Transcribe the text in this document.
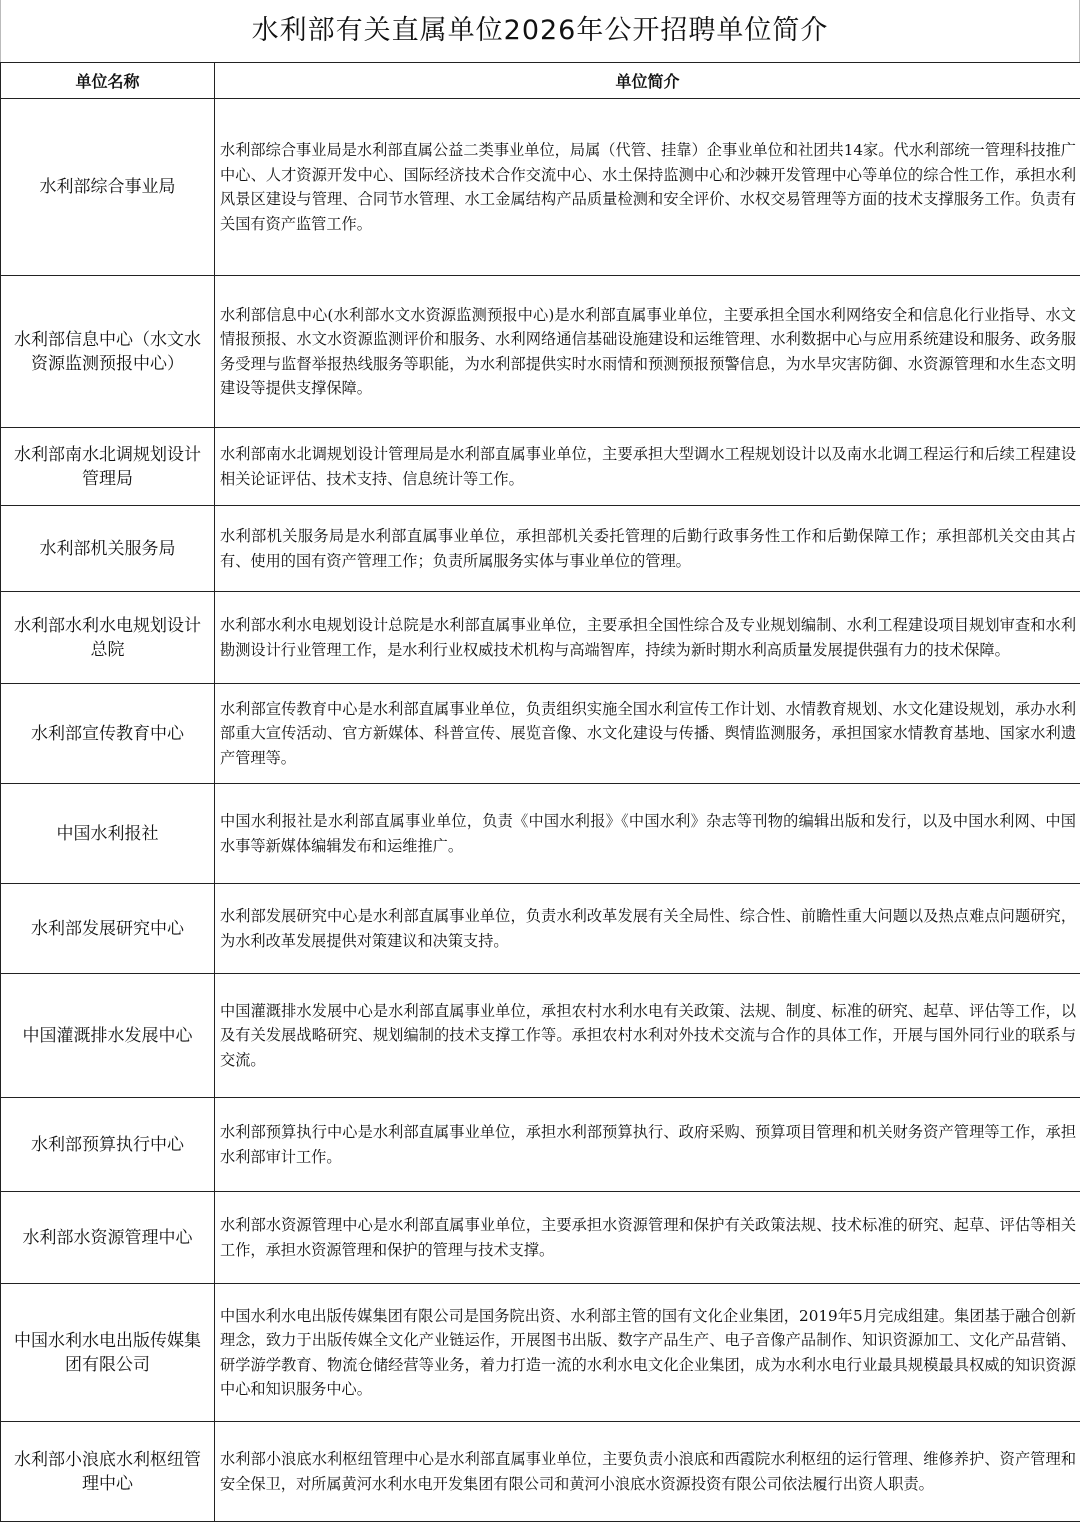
水利部有关直属单位2026年公开招聘单位简介
单位名称	单位简介
水利部综合事业局	水利部综合事业局是水利部直属公益二类事业单位，局属（代管、挂靠）企事业单位和社团共14家。代水利部统一管理科技推广中心、人才资源开发中心、国际经济技术合作交流中心、水土保持监测中心和沙棘开发管理中心等单位的综合性工作，承担水利风景区建设与管理、合同节水管理、水工金属结构产品质量检测和安全评价、水权交易管理等方面的技术支撑服务工作。负责有关国有资产监管工作。
水利部信息中心（水文水资源监测预报中心）	水利部信息中心(水利部水文水资源监测预报中心)是水利部直属事业单位，主要承担全国水利网络安全和信息化行业指导、水文情报预报、水文水资源监测评价和服务、水利网络通信基础设施建设和运维管理、水利数据中心与应用系统建设和服务、政务服务受理与监督举报热线服务等职能，为水利部提供实时水雨情和预测预报预警信息，为水旱灾害防御、水资源管理和水生态文明建设等提供支撑保障。
水利部南水北调规划设计管理局	水利部南水北调规划设计管理局是水利部直属事业单位，主要承担大型调水工程规划设计以及南水北调工程运行和后续工程建设相关论证评估、技术支持、信息统计等工作。
水利部机关服务局	水利部机关服务局是水利部直属事业单位，承担部机关委托管理的后勤行政事务性工作和后勤保障工作；承担部机关交由其占有、使用的国有资产管理工作；负责所属服务实体与事业单位的管理。
水利部水利水电规划设计总院	水利部水利水电规划设计总院是水利部直属事业单位，主要承担全国性综合及专业规划编制、水利工程建设项目规划审查和水利勘测设计行业管理工作，是水利行业权威技术机构与高端智库，持续为新时期水利高质量发展提供强有力的技术保障。
水利部宣传教育中心	水利部宣传教育中心是水利部直属事业单位，负责组织实施全国水利宣传工作计划、水情教育规划、水文化建设规划，承办水利部重大宣传活动、官方新媒体、科普宣传、展览音像、水文化建设与传播、舆情监测服务，承担国家水情教育基地、国家水利遗产管理等。
中国水利报社	中国水利报社是水利部直属事业单位，负责《中国水利报》《中国水利》杂志等刊物的编辑出版和发行，以及中国水利网、中国水事等新媒体编辑发布和运维推广。
水利部发展研究中心	水利部发展研究中心是水利部直属事业单位，负责水利改革发展有关全局性、综合性、前瞻性重大问题以及热点难点问题研究，为水利改革发展提供对策建议和决策支持。
中国灌溉排水发展中心	中国灌溉排水发展中心是水利部直属事业单位，承担农村水利水电有关政策、法规、制度、标准的研究、起草、评估等工作，以及有关发展战略研究、规划编制的技术支撑工作等。承担农村水利对外技术交流与合作的具体工作，开展与国外同行业的联系与交流。
水利部预算执行中心	水利部预算执行中心是水利部直属事业单位，承担水利部预算执行、政府采购、预算项目管理和机关财务资产管理等工作，承担水利部审计工作。
水利部水资源管理中心	水利部水资源管理中心是水利部直属事业单位，主要承担水资源管理和保护有关政策法规、技术标准的研究、起草、评估等相关工作，承担水资源管理和保护的管理与技术支撑。
中国水利水电出版传媒集团有限公司	中国水利水电出版传媒集团有限公司是国务院出资、水利部主管的国有文化企业集团，2019年5月完成组建。集团基于融合创新理念，致力于出版传媒全文化产业链运作，开展图书出版、数字产品生产、电子音像产品制作、知识资源加工、文化产品营销、研学游学教育、物流仓储经营等业务，着力打造一流的水利水电文化企业集团，成为水利水电行业最具规模最具权威的知识资源中心和知识服务中心。
水利部小浪底水利枢纽管理中心	水利部小浪底水利枢纽管理中心是水利部直属事业单位，主要负责小浪底和西霞院水利枢纽的运行管理、维修养护、资产管理和安全保卫，对所属黄河水利水电开发集团有限公司和黄河小浪底水资源投资有限公司依法履行出资人职责。
